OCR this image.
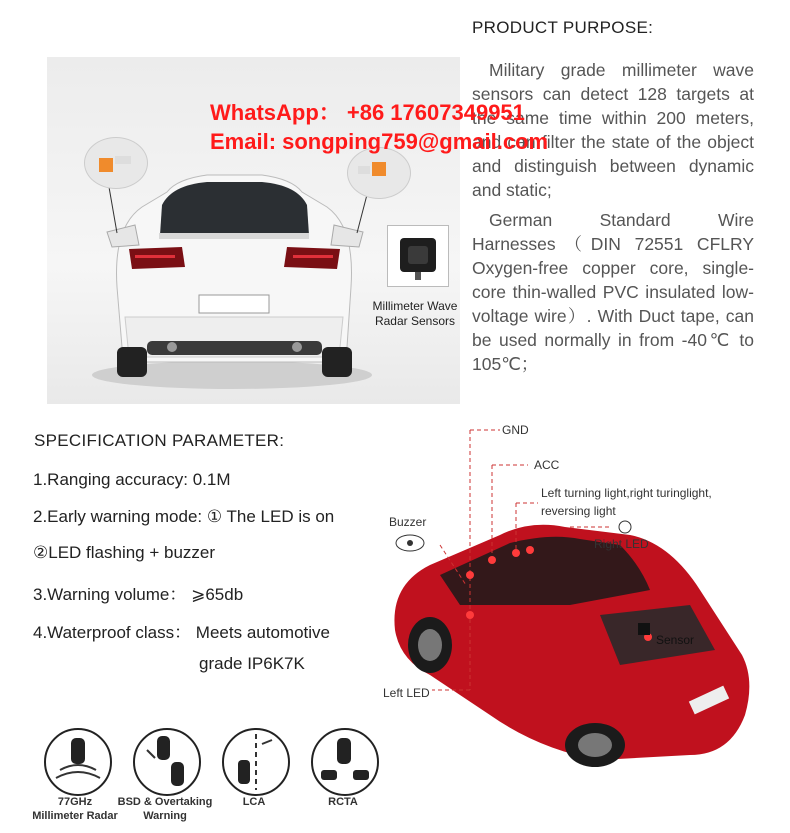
Millimeter Wave
Radar Sensors
PRODUCT PURPOSE:
Military grade millimeter wave sensors can detect 128 targets at the same time within 200 meters, and can filter the state of the object and distinguish between dynamic and static;
German Standard Wire Harnesses（DIN 72551 CFLRY Oxygen-free copper core, single-core thin-walled PVC insulated low-voltage wire）. With Duct tape, can be used normally in from -40℃ to 105℃；
WhatsApp： +86 17607349951
Email: songping759@gmail.com
SPECIFICATION PARAMETER:
1.Ranging accuracy: 0.1M
2.Early warning mode: ① The LED is on
②LED flashing + buzzer
3.Warning volume： ⩾65db
4.Waterproof class： Meets automotive
grade IP6K7K
GND
ACC
Left turning light,right turinglight,
reversing light
Buzzer
Right LED
Left LED
Sensor
77GHz
Millimeter Radar
BSD & Overtaking
Warning
LCA	RCTA
